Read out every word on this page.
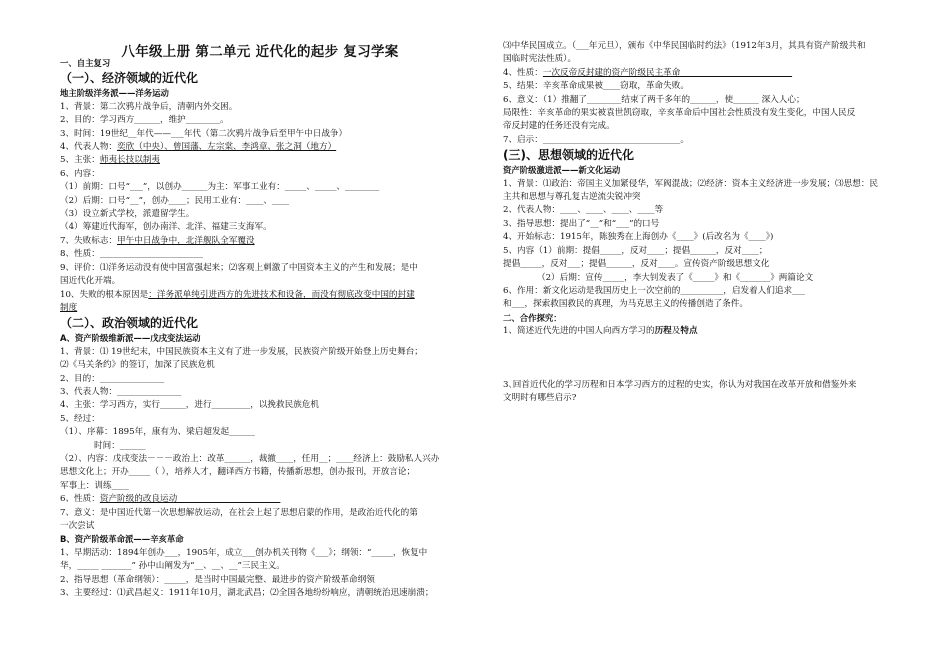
八年级上册 第二单元 近代化的起步 复习学案
一、自主复习
（一）、经济领域的近代化
地主阶级洋务派——洋务运动
1、背景：第二次鸦片战争后，清朝内外交困。
2、目的：学习西方______，维护________。
3、时间：19世纪__年代——___年代（第二次鸦片战争后至甲午中日战争）
4、代表人物：奕欣（中央）、曾国藩、左宗棠、李鸿章、张之洞（地方）
5、主张：师夷长技以制夷
6、内容：
（1）前期：口号“___”，以创办______为主：军事工业有：_____、_____、________
（2）后期：口号“__”，创办____；民用工业有：____、____
（3）设立新式学校，派遣留学生。
（4）筹建近代海军，创办南洋、北洋、福建三支海军。
7、失败标志：甲午中日战争中，北洋舰队全军覆没
8、性质：________________________
9、评价：⑴洋务运动没有使中国富强起来；⑵客观上刺激了中国资本主义的产生和发展；是中
国近代化开端。
10、失败的根本原因是：洋务派单纯引进西方的先进技术和设备，而没有彻底改变中国的封建
制度
（二）、政治领域的近代化
A、资产阶级维新派——戊戌变法运动
1、背景：⑴ 19世纪末，中国民族资本主义有了进一步发展，民族资产阶级开始登上历史舞台；
⑵《马关条约》的签订，加深了民族危机
2、目的：_______________
3、代表人物：_______________
4、主张：学习西方，实行______，进行_________，以挽救民族危机
5、经过：
（1）、序幕：1895年，康有为、梁启超发起______
时间：______
（2）、内容：戊戌变法－－－政治上：改革______，裁撤____，任用__；____经济上：鼓励私人兴办
思想文化上；开办_____（ ），培养人才，翻译西方书籍，传播新思想，创办报刊，开放言论；
军事上：训练____
6、性质：资产阶级的改良运动________________________
7、意义：是中国近代第一次思想解放运动，在社会上起了思想启蒙的作用，是政治近代化的第
一次尝试
B、资产阶级革命派——辛亥革命
1、早期活动：1894年创办___，1905年，成立___创办机关刊物《___》；纲领：“_____，恢复中
华，_____ _______” 孙中山阐发为“__、__、__”三民主义。
2、指导思想（革命纲领）：_____，是当时中国最完整、最进步的资产阶级革命纲领
3、主要经过：⑴武昌起义：1911年10月，湖北武昌；⑵全国各地纷纷响应，清朝统治迅速崩溃；
⑶中华民国成立。（___年元旦），颁布《中华民国临时约法》（1912年3月，其具有资产阶级共和
国临时宪法性质）。
4、性质：一次反帝反封建的资产阶级民主革命__________________________
5、结果：辛亥革命成果被____窃取，革命失败。
6、意义：（1）推翻了________结束了两千多年的______，使______ 深入人心；
局限性：辛亥革命的果实被袁世凯窃取，辛亥革命后中国社会性质没有发生变化，中国人民反
帝反封建的任务还没有完成。
7、启示：________________________________。
(三)、思想领域的近代化
资产阶级激进派——新文化运动
1、背景：⑴政治：帝国主义加紧侵华，军阀混战；⑵经济：资本主义经济进一步发展；⑶思想：民
主共和思想与尊孔复古逆流尖锐冲突
2、代表人物：____、____、____、____等
3、指导思想：提出了“__”和“___”的口号
4、开始标志：1915年，陈独秀在上海创办《____》(后改名为《____》)
5、内容（1）前期：提倡_____，反对____；提倡______，反对____；
提倡_____，反对___；提倡______，反对____。宣传资产阶级思想文化
（2）后期：宣传_____，李大钊发表了《_____》和《_______》两篇论文
6、作用：新文化运动是我国历史上一次空前的__________，启发着人们追求___
和___，探索救国救民的真理，为马克思主义的传播创造了条件。
二、合作探究：
1、简述近代先进的中国人向西方学习的历程及特点
3､回首近代化的学习历程和日本学习西方的过程的史实，你认为对我国在改革开放和借鉴外来
文明时有哪些启示?
